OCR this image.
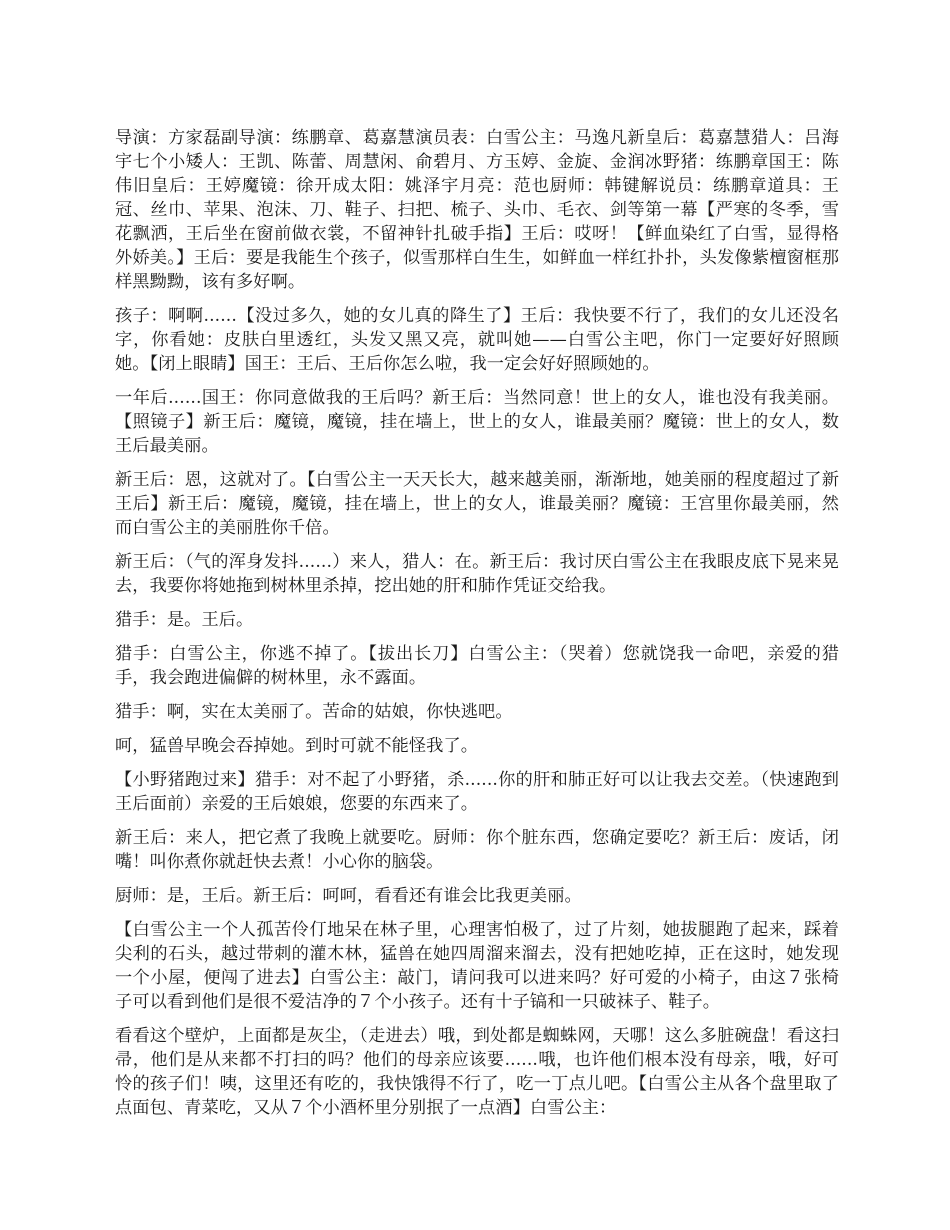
导演：方家磊副导演：练鹏章、葛嘉慧演员表：白雪公主：马逸凡新皇后：葛嘉慧猎人：吕海宇七个小矮人：王凯、陈蕾、周慧闲、俞碧月、方玉婷、金旋、金润冰野猪：练鹏章国王：陈伟旧皇后：王婷魔镜：徐开成太阳：姚泽宇月亮：范也厨师：韩键解说员：练鹏章道具：王冠、丝巾、苹果、泡沫、刀、鞋子、扫把、梳子、头巾、毛衣、剑等第一幕【严寒的冬季，雪花飘洒，王后坐在窗前做衣裳，不留神针扎破手指】王后：哎呀！【鲜血染红了白雪，显得格外娇美。】王后：要是我能生个孩子，似雪那样白生生，如鲜血一样红扑扑，头发像紫檀窗框那样黑黝黝，该有多好啊。

孩子：啊啊......【没过多久，她的女儿真的降生了】王后：我快要不行了，我们的女儿还没名字，你看她：皮肤白里透红，头发又黑又亮，就叫她——白雪公主吧，你门一定要好好照顾她。【闭上眼睛】国王：王后、王后你怎么啦，我一定会好好照顾她的。

一年后......国王：你同意做我的王后吗？新王后：当然同意！世上的女人，谁也没有我美丽。【照镜子】新王后：魔镜，魔镜，挂在墙上，世上的女人，谁最美丽？魔镜：世上的女人，数王后最美丽。

新王后：恩，这就对了。【白雪公主一天天长大，越来越美丽，渐渐地，她美丽的程度超过了新王后】新王后：魔镜，魔镜，挂在墙上，世上的女人，谁最美丽？魔镜：王宫里你最美丽，然而白雪公主的美丽胜你千倍。

新王后：（气的浑身发抖......）来人，猎人：在。新王后：我讨厌白雪公主在我眼皮底下晃来晃去，我要你将她拖到树林里杀掉，挖出她的肝和肺作凭证交给我。

猎手：是。王后。

猎手：白雪公主，你逃不掉了。【拔出长刀】白雪公主：（哭着）您就饶我一命吧，亲爱的猎手，我会跑进偏僻的树林里，永不露面。

猎手：啊，实在太美丽了。苦命的姑娘，你快逃吧。

呵，猛兽早晚会吞掉她。到时可就不能怪我了。

【小野猪跑过来】猎手：对不起了小野猪，杀......你的肝和肺正好可以让我去交差。（快速跑到王后面前）亲爱的王后娘娘，您要的东西来了。

新王后：来人，把它煮了我晚上就要吃。厨师：你个脏东西，您确定要吃？新王后：废话，闭嘴！叫你煮你就赶快去煮！小心你的脑袋。

厨师：是，王后。新王后：呵呵，看看还有谁会比我更美丽。

【白雪公主一个人孤苦伶仃地呆在林子里，心理害怕极了，过了片刻，她拔腿跑了起来，踩着尖利的石头，越过带刺的灌木林，猛兽在她四周溜来溜去，没有把她吃掉，正在这时，她发现一个小屋，便闯了进去】白雪公主：敲门，请问我可以进来吗？好可爱的小椅子，由这７张椅子可以看到他们是很不爱洁净的７个小孩子。还有十子镐和一只破袜子、鞋子。

看看这个壁炉，上面都是灰尘，（走进去）哦，到处都是蜘蛛网，天哪！这么多脏碗盘！看这扫帚，他们是从来都不打扫的吗？他们的母亲应该要......哦，也许他们根本没有母亲，哦，好可怜的孩子们！咦，这里还有吃的，我快饿得不行了，吃一丁点儿吧。【白雪公主从各个盘里取了点面包、青菜吃，又从７个小酒杯里分别抿了一点酒】白雪公主：
